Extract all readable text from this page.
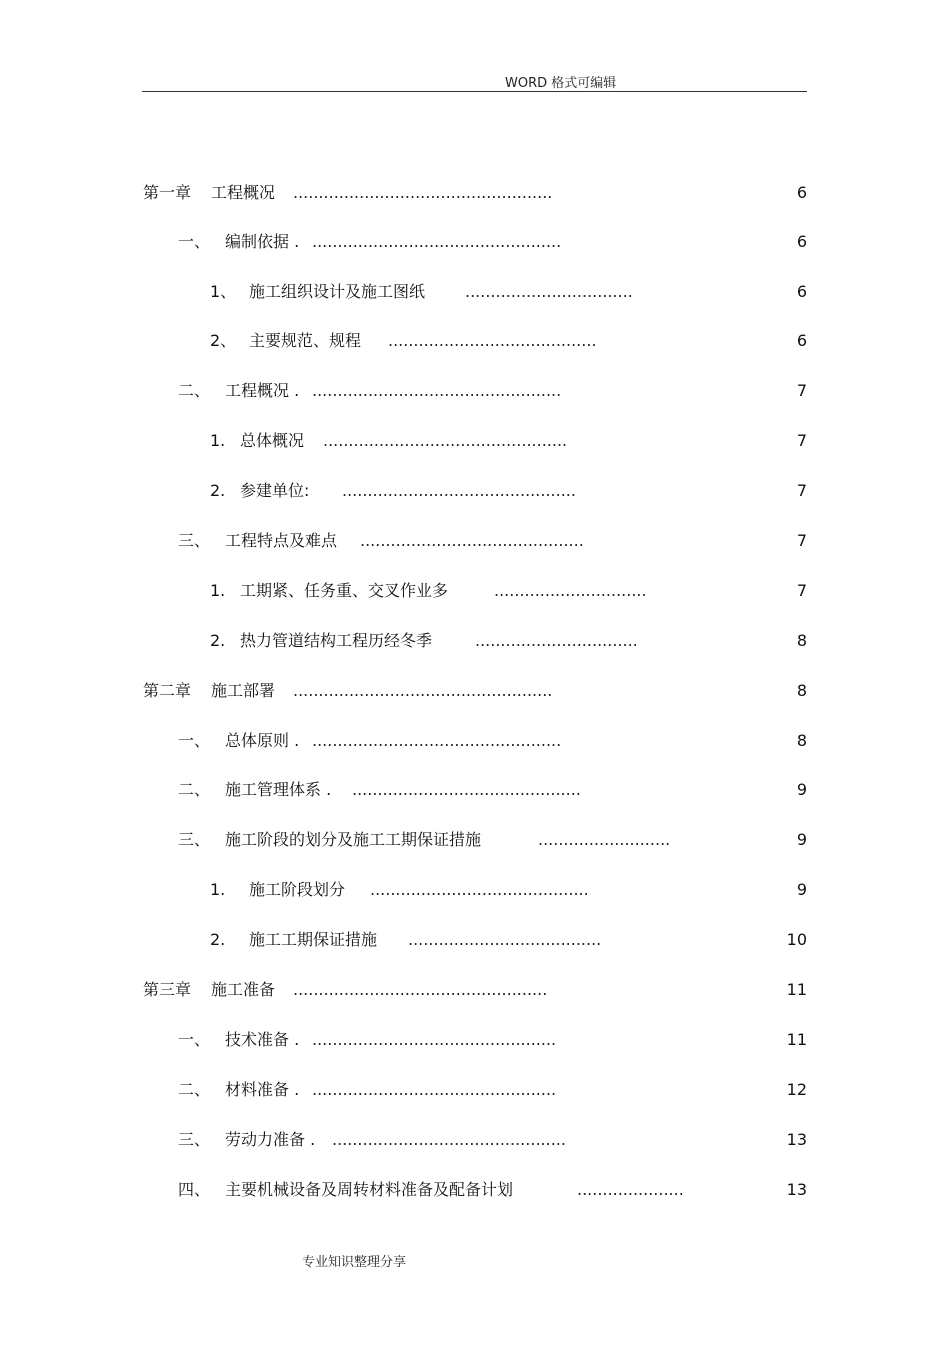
WORD 格式可编辑
第一章 工程概况 ...................................................	6
一、 编制依据 . .................................................	6
1、 施工组织设计及施工图纸 .................................	6
2、 主要规范、规程 .........................................	6
二、 工程概况 . .................................................	7
1. 总体概况 ................................................	7
2. 参建单位: ..............................................	7
三、 工程特点及难点 ............................................	7
1. 工期紧、任务重、交叉作业多	..............................	7
2. 热力管道结构工程历经冬季	................................	8
第二章 施工部署 ...................................................	8
一、 总体原则 . .................................................	8
二、 施工管理体系 . .............................................	9
三、 施工阶段的划分及施工工期保证措施	..........................	9
1. 施工阶段划分 ...........................................	9
2. 施工工期保证措施 ......................................	10
第三章 施工准备 ..................................................	11
一、 技术准备 . ................................................	11
二、 材料准备 . ................................................	12
三、 劳动力准备 . ..............................................	13
四、 主要机械设备及周转材料准备及配备计划	.....................	13
专业知识整理分享
